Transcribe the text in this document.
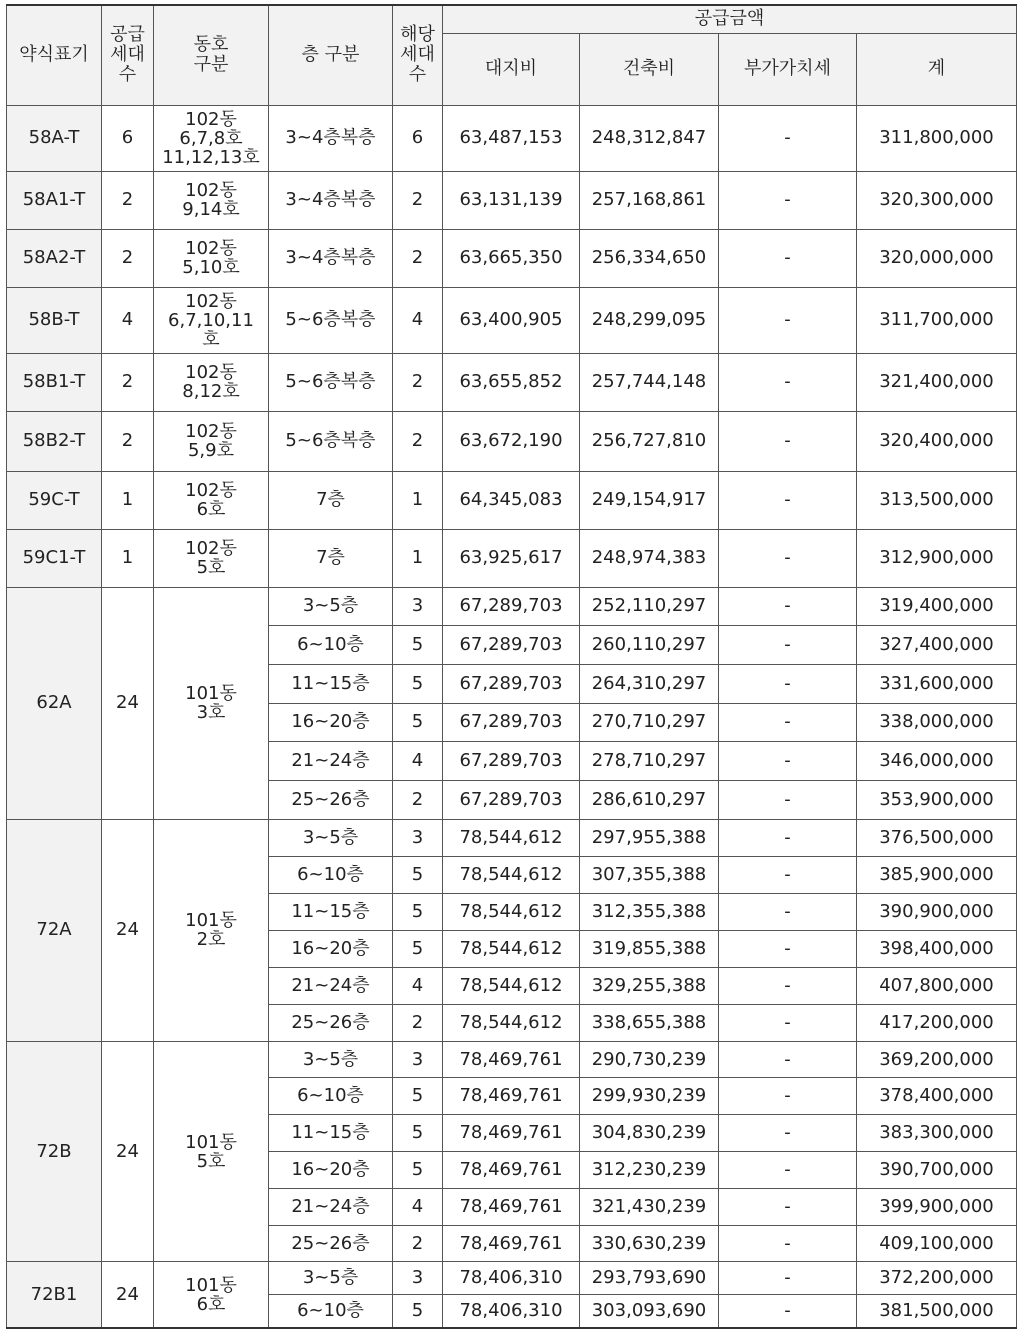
약식표기	공급
세대
수	동호
구분	층 구분	해당
세대
수	공급금액			
					대지비	건축비	부가가치세	계
58A-T	6	102동
6,7,8호
11,12,13호	3~4층복층	6	63,487,153	248,312,847	-	311,800,000
58A1-T	2	102동
9,14호	3~4층복층	2	63,131,139	257,168,861	-	320,300,000
58A2-T	2	102동
5,10호	3~4층복층	2	63,665,350	256,334,650	-	320,000,000
58B-T	4	102동
6,7,10,11
호	5~6층복층	4	63,400,905	248,299,095	-	311,700,000
58B1-T	2	102동
8,12호	5~6층복층	2	63,655,852	257,744,148	-	321,400,000
58B2-T	2	102동
5,9호	5~6층복층	2	63,672,190	256,727,810	-	320,400,000
59C-T	1	102동
6호	7층	1	64,345,083	249,154,917	-	313,500,000
59C1-T	1	102동
5호	7층	1	63,925,617	248,974,383	-	312,900,000
62A	24	101동
3호	3~5층	3	67,289,703	252,110,297	-	319,400,000
			6~10층	5	67,289,703	260,110,297	-	327,400,000
			11~15층	5	67,289,703	264,310,297	-	331,600,000
			16~20층	5	67,289,703	270,710,297	-	338,000,000
			21~24층	4	67,289,703	278,710,297	-	346,000,000
			25~26층	2	67,289,703	286,610,297	-	353,900,000
72A	24	101동
2호	3~5층	3	78,544,612	297,955,388	-	376,500,000
			6~10층	5	78,544,612	307,355,388	-	385,900,000
			11~15층	5	78,544,612	312,355,388	-	390,900,000
			16~20층	5	78,544,612	319,855,388	-	398,400,000
			21~24층	4	78,544,612	329,255,388	-	407,800,000
			25~26층	2	78,544,612	338,655,388	-	417,200,000
72B	24	101동
5호	3~5층	3	78,469,761	290,730,239	-	369,200,000
			6~10층	5	78,469,761	299,930,239	-	378,400,000
			11~15층	5	78,469,761	304,830,239	-	383,300,000
			16~20층	5	78,469,761	312,230,239	-	390,700,000
			21~24층	4	78,469,761	321,430,239	-	399,900,000
			25~26층	2	78,469,761	330,630,239	-	409,100,000
72B1	24	101동
6호	3~5층	3	78,406,310	293,793,690	-	372,200,000
			6~10층	5	78,406,310	303,093,690	-	381,500,000
